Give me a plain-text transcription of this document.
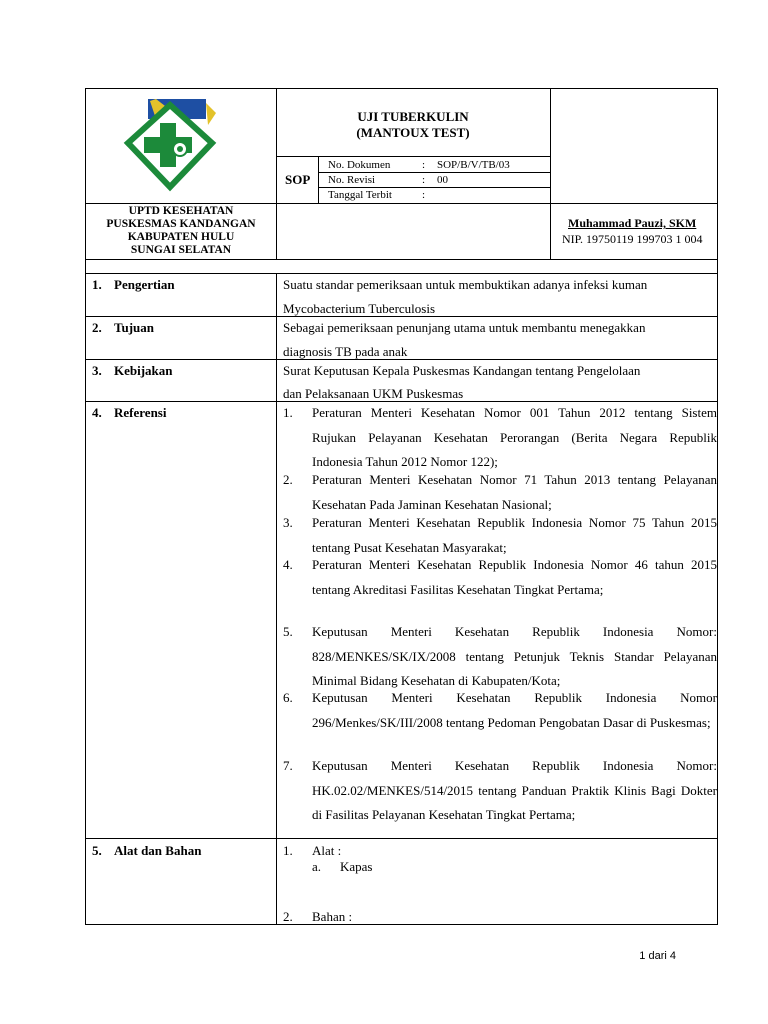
UJI TUBERKULIN
(MANTOUX TEST)
SOP
No. Dokumen	: SOP/B/V/TB/03
No. Revisi	: 00
Tanggal Terbit	:
UPTD KESEHATAN
PUSKESMAS KANDANGAN
KABUPATEN HULU
SUNGAI SELATAN
Muhammad Pauzi, SKM
NIP. 19750119 199703 1 004
1. Pengertian	Suatu standar pemeriksaan untuk membuktikan adanya infeksi kuman
Mycobacterium Tuberculosis
2. Tujuan	Sebagai pemeriksaan penunjang utama untuk membantu menegakkan
diagnosis TB pada anak
3. Kebijakan	Surat Keputusan Kepala Puskesmas Kandangan tentang Pengelolaan
dan Pelaksanaan UKM Puskesmas
4. Referensi	1. Peraturan Menteri Kesehatan Nomor 001 Tahun 2012 tentang Sistem Rujukan Pelayanan Kesehatan Perorangan (Berita Negara Republik Indonesia Tahun 2012 Nomor 122);
2. Peraturan Menteri Kesehatan Nomor 71 Tahun 2013 tentang Pelayanan Kesehatan Pada Jaminan Kesehatan Nasional;
3. Peraturan Menteri Kesehatan Republik Indonesia Nomor 75 Tahun 2015 tentang Pusat Kesehatan Masyarakat;
4. Peraturan Menteri Kesehatan Republik Indonesia Nomor 46 tahun 2015 tentang Akreditasi Fasilitas Kesehatan Tingkat Pertama;
5. Keputusan Menteri Kesehatan Republik Indonesia Nomor: 828/MENKES/SK/IX/2008 tentang Petunjuk Teknis Standar Pelayanan Minimal Bidang Kesehatan di Kabupaten/Kota;
6. Keputusan Menteri Kesehatan Republik Indonesia Nomor 296/Menkes/SK/III/2008 tentang Pedoman Pengobatan Dasar di Puskesmas;
7. Keputusan Menteri Kesehatan Republik Indonesia Nomor: HK.02.02/MENKES/514/2015 tentang Panduan Praktik Klinis Bagi Dokter di Fasilitas Pelayanan Kesehatan Tingkat Pertama;
5. Alat dan Bahan	1. Alat :
a. Kapas
2. Bahan :
1 dari 4
